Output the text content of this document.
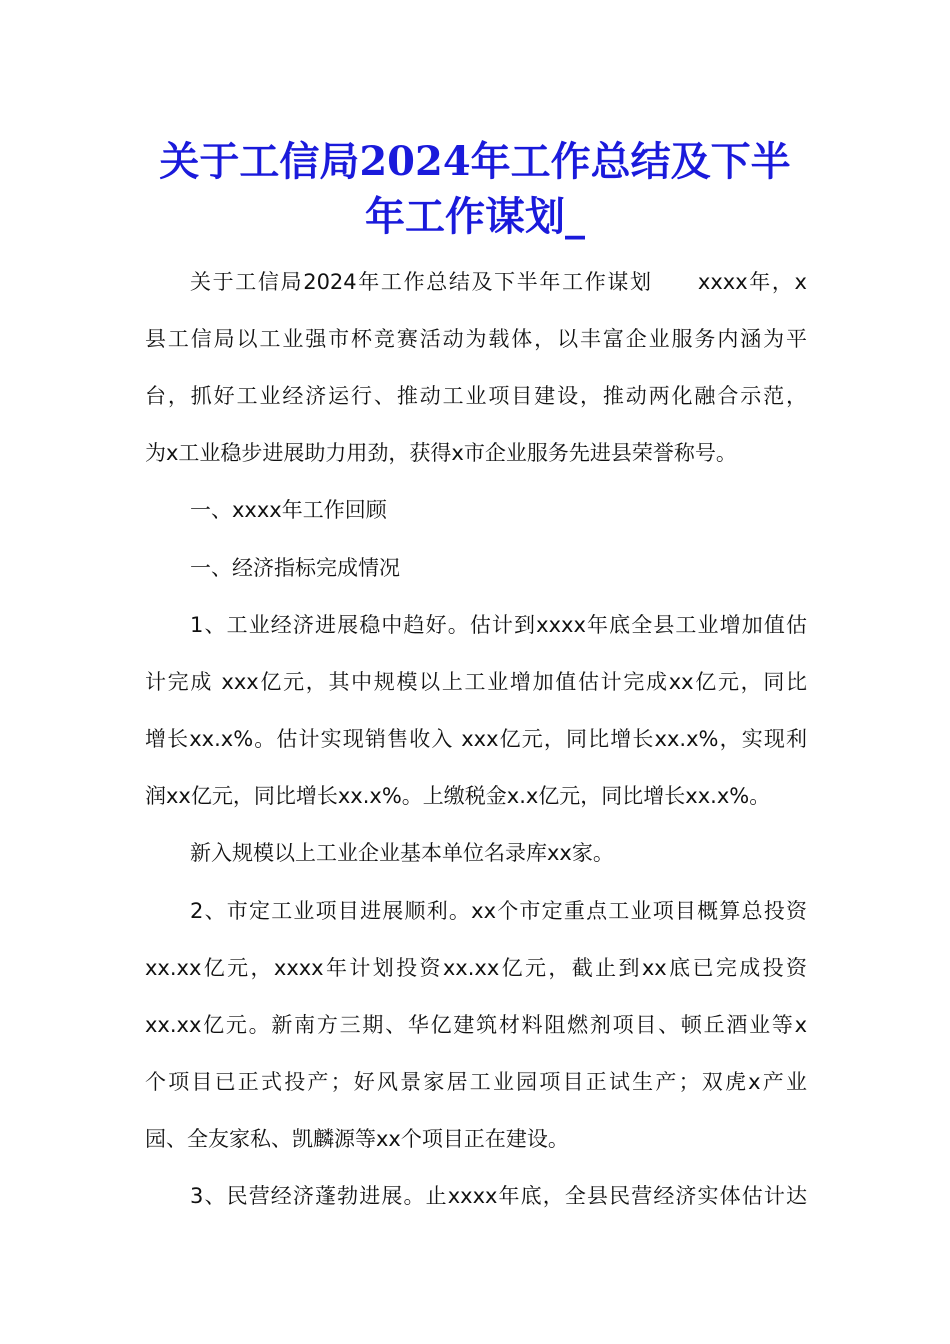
关于工信局2024年工作总结及下半
年工作谋划_
关于工信局2024年工作总结及下半年工作谋划　　xxxx年，x
县工信局以工业强市杯竞赛活动为载体，以丰富企业服务内涵为平
台，抓好工业经济运行、推动工业项目建设，推动两化融合示范，
为x工业稳步进展助力用劲，获得x市企业服务先进县荣誉称号。
一、xxxx年工作回顾
一、经济指标完成情况
1、工业经济进展稳中趋好。估计到xxxx年底全县工业增加值估
计完成 xxx亿元，其中规模以上工业增加值估计完成xx亿元，同比
增长xx.x%。估计实现销售收入 xxx亿元，同比增长xx.x%，实现利
润xx亿元，同比增长xx.x%。上缴税金x.x亿元，同比增长xx.x%。
新入规模以上工业企业基本单位名录库xx家。
2、市定工业项目进展顺利。xx个市定重点工业项目概算总投资
xx.xx亿元，xxxx年计划投资xx.xx亿元，截止到xx底已完成投资
xx.xx亿元。新南方三期、华亿建筑材料阻燃剂项目、顿丘酒业等x
个项目已正式投产；好风景家居工业园项目正试生产；双虎x产业
园、全友家私、凯麟源等xx个项目正在建设。
3、民营经济蓬勃进展。止xxxx年底，全县民营经济实体估计达
